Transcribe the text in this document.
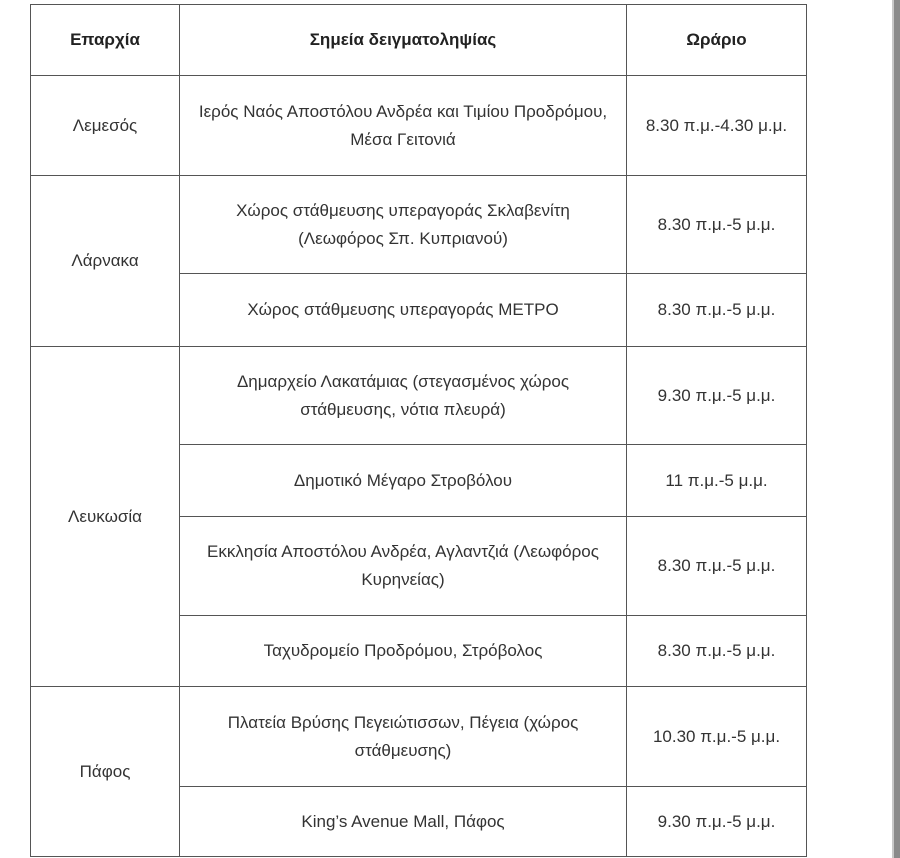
Επαρχία	Σημεία δειγματοληψίας	Ωράριο
Λεμεσός	Ιερός Ναός Αποστόλου Ανδρέα και Τιμίου Προδρόμου, Μέσα Γειτονιά	8.30 π.μ.-4.30 μ.μ.
Λάρνακα	Χώρος στάθμευσης υπεραγοράς Σκλαβενίτη (Λεωφόρος Σπ. Κυπριανού)	8.30 π.μ.-5 μ.μ.
	Χώρος στάθμευσης υπεραγοράς ΜΕΤΡΟ	8.30 π.μ.-5 μ.μ.
Λευκωσία	Δημαρχείο Λακατάμιας (στεγασμένος χώρος στάθμευσης, νότια πλευρά)	9.30 π.μ.-5 μ.μ.
	Δημοτικό Μέγαρο Στροβόλου	11 π.μ.-5 μ.μ.
	Εκκλησία Αποστόλου Ανδρέα, Αγλαντζιά (Λεωφόρος Κυρηνείας)	8.30 π.μ.-5 μ.μ.
	Ταχυδρομείο Προδρόμου, Στρόβολος	8.30 π.μ.-5 μ.μ.
Πάφος	Πλατεία Βρύσης Πεγειώτισσων, Πέγεια (χώρος στάθμευσης)	10.30 π.μ.-5 μ.μ.
	King’s Avenue Mall, Πάφος	9.30 π.μ.-5 μ.μ.
